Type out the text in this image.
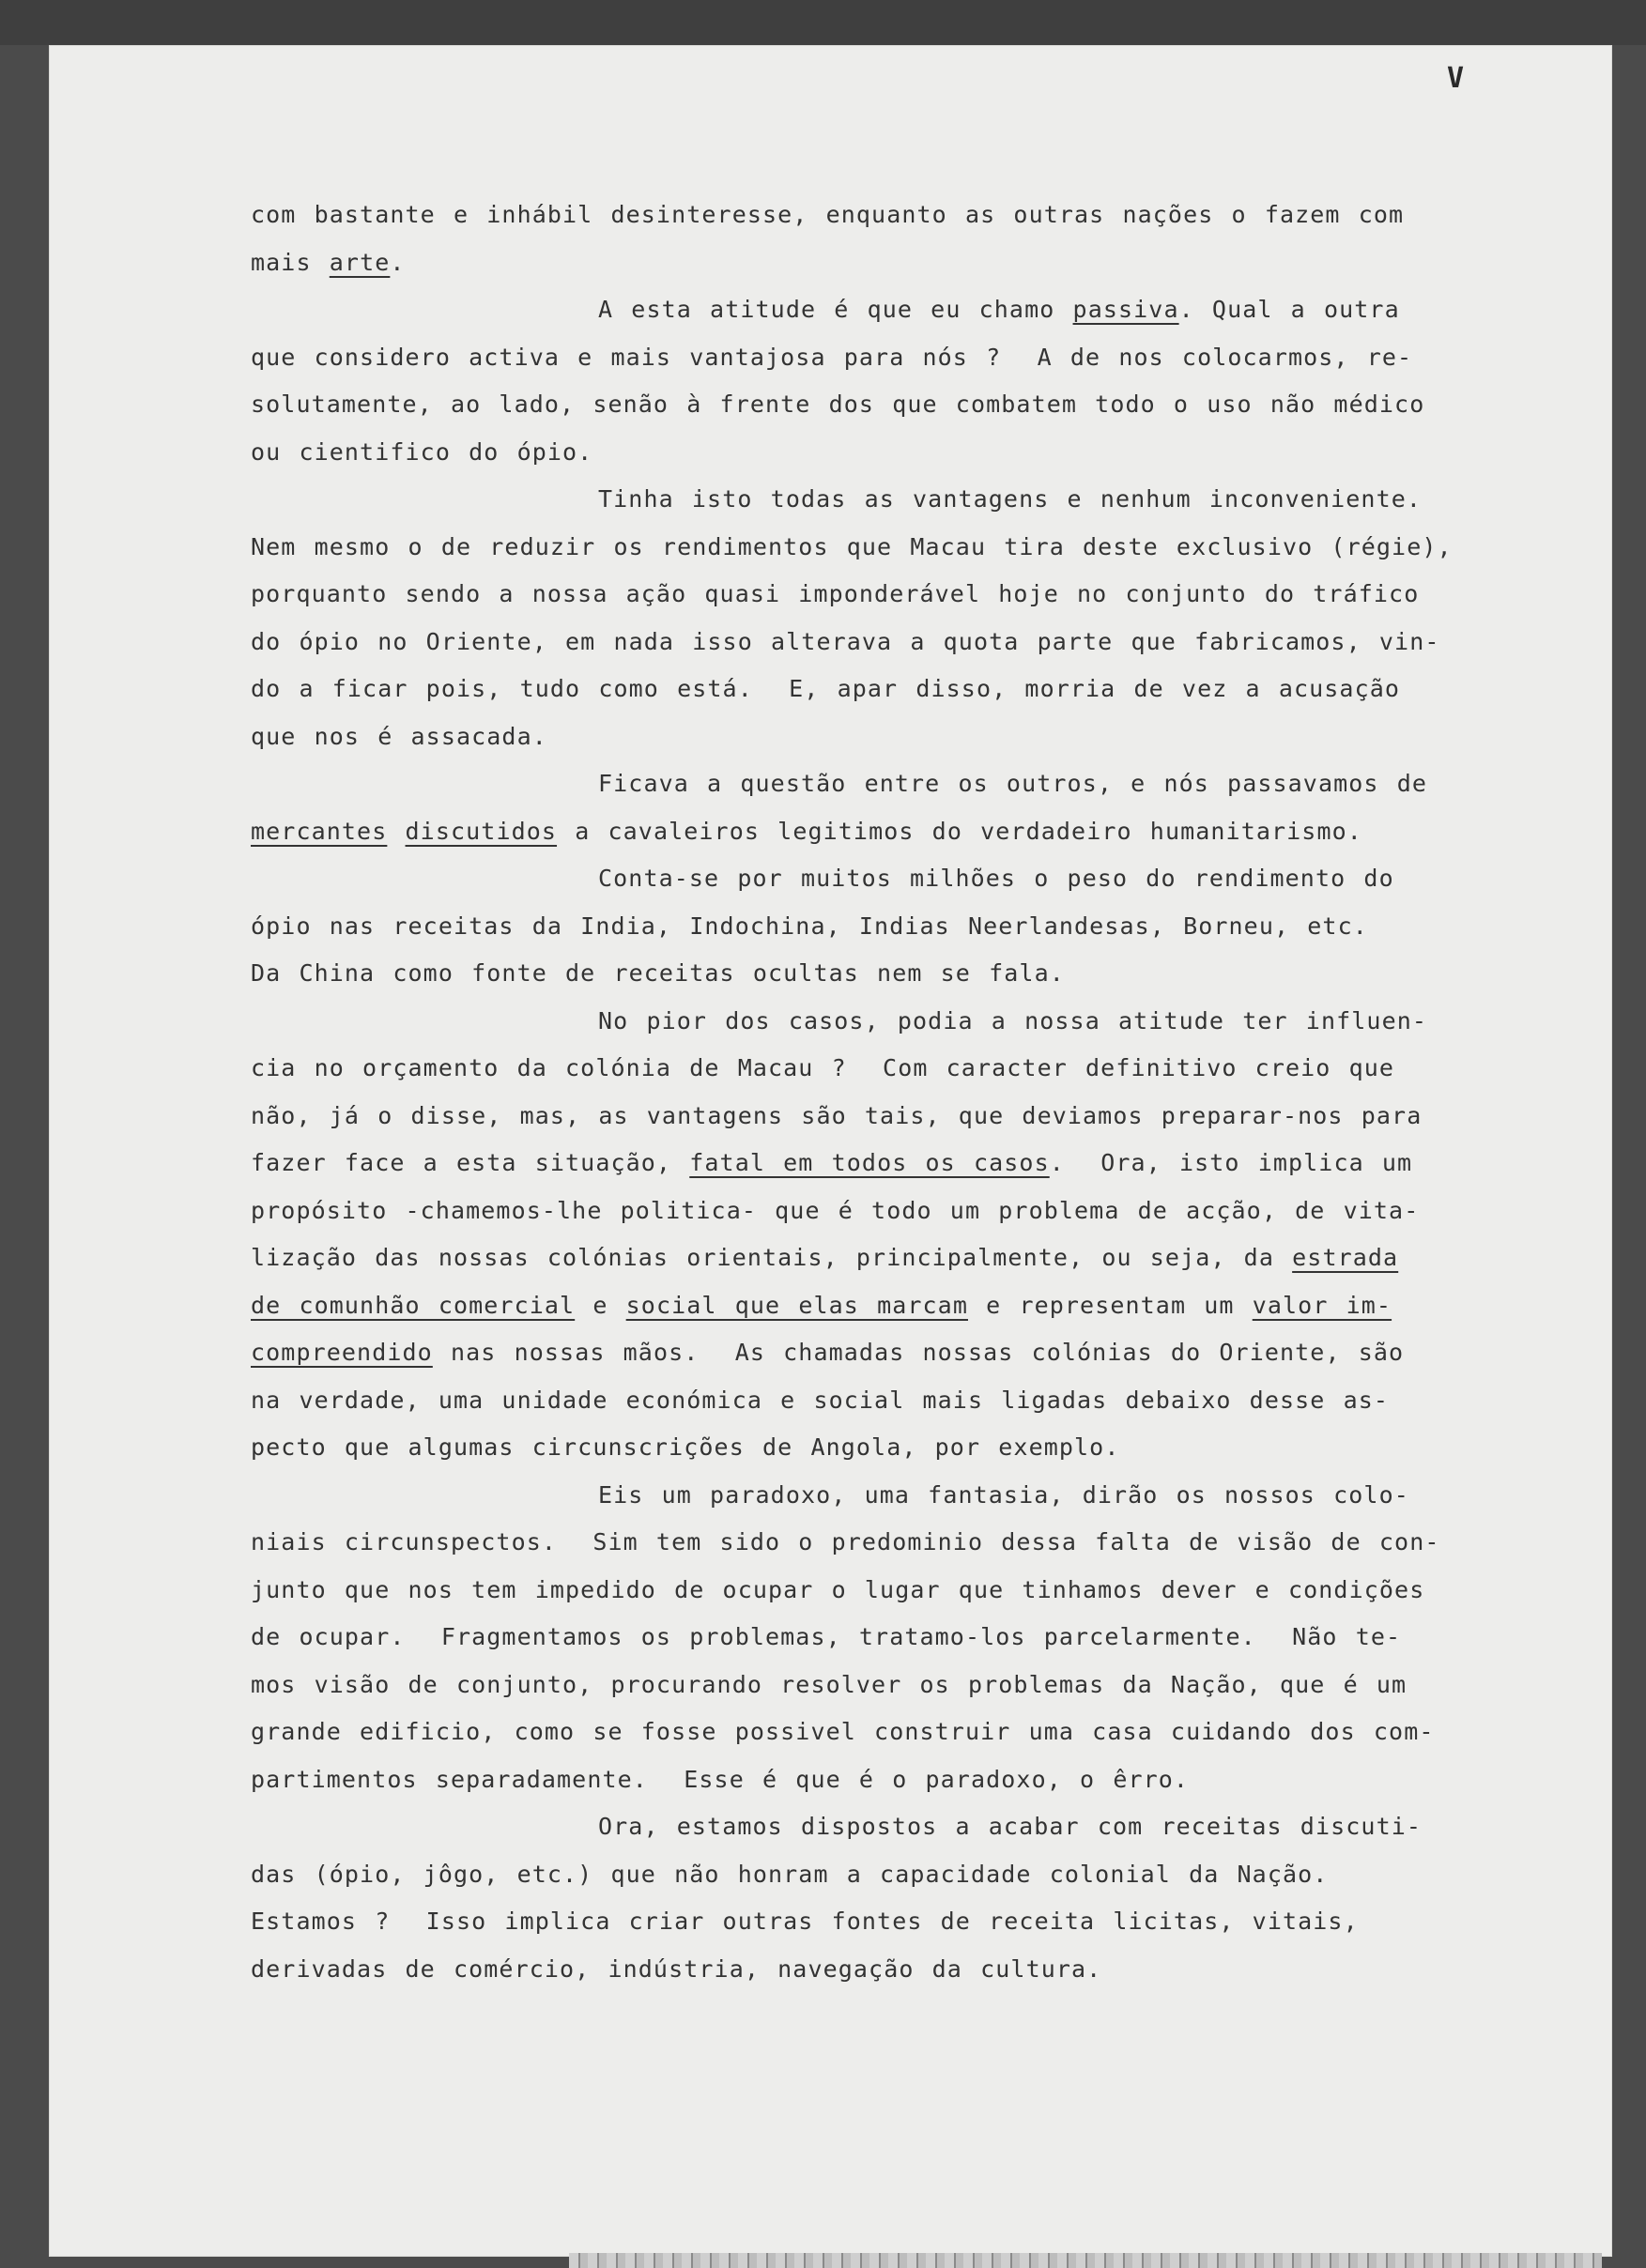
V
com bastante e inhábil desinteresse, enquanto as outras nações o fazem com
mais arte.
A esta atitude é que eu chamo passiva. Qual a outra
que considero activa e mais vantajosa para nós ?  A de nos colocarmos, re-
solutamente, ao lado, senão à frente dos que combatem todo o uso não médico
ou cientifico do ópio.
Tinha isto todas as vantagens e nenhum inconveniente.
Nem mesmo o de reduzir os rendimentos que Macau tira deste exclusivo (régie),
porquanto sendo a nossa ação quasi imponderável hoje no conjunto do tráfico
do ópio no Oriente, em nada isso alterava a quota parte que fabricamos, vin-
do a ficar pois, tudo como está.  E, apar disso, morria de vez a acusação
que nos é assacada.
Ficava a questão entre os outros, e nós passavamos de
mercantes discutidos a cavaleiros legitimos do verdadeiro humanitarismo.
Conta-se por muitos milhões o peso do rendimento do
ópio nas receitas da India, Indochina, Indias Neerlandesas, Borneu, etc.
Da China como fonte de receitas ocultas nem se fala.
No pior dos casos, podia a nossa atitude ter influen-
cia no orçamento da colónia de Macau ?  Com caracter definitivo creio que
não, já o disse, mas, as vantagens são tais, que deviamos preparar-nos para
fazer face a esta situação, fatal em todos os casos.  Ora, isto implica um
propósito -chamemos-lhe politica- que é todo um problema de acção, de vita-
lização das nossas colónias orientais, principalmente, ou seja, da estrada
de comunhão comercial e social que elas marcam e representam um valor im-
compreendido nas nossas mãos.  As chamadas nossas colónias do Oriente, são
na verdade, uma unidade económica e social mais ligadas debaixo desse as-
pecto que algumas circunscrições de Angola, por exemplo.
Eis um paradoxo, uma fantasia, dirão os nossos colo-
niais circunspectos.  Sim tem sido o predominio dessa falta de visão de con-
junto que nos tem impedido de ocupar o lugar que tinhamos dever e condições
de ocupar.  Fragmentamos os problemas, tratamo-los parcelarmente.  Não te-
mos visão de conjunto, procurando resolver os problemas da Nação, que é um
grande edificio, como se fosse possivel construir uma casa cuidando dos com-
partimentos separadamente.  Esse é que é o paradoxo, o êrro.
Ora, estamos dispostos a acabar com receitas discuti-
das (ópio, jôgo, etc.) que não honram a capacidade colonial da Nação.
Estamos ?  Isso implica criar outras fontes de receita licitas, vitais,
derivadas de comércio, indústria, navegação da cultura.
